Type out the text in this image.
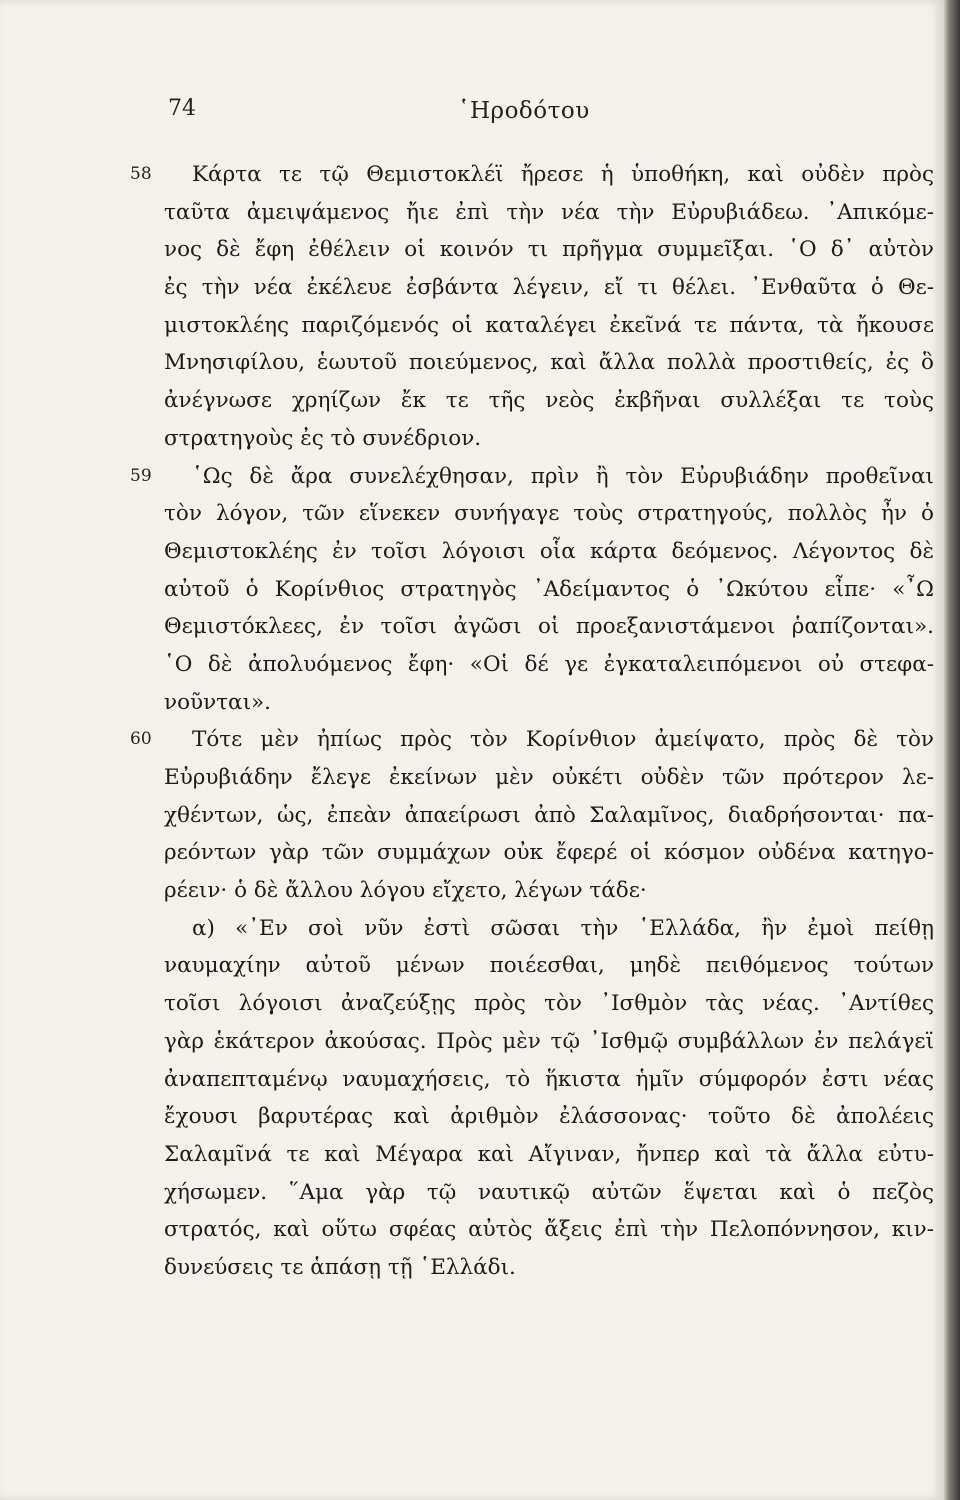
74	῾Ηροδότου
58	Κάρτα τε τῷ Θεμιστοκλέϊ ἤρεσε ἡ ὑποθήκη, καὶ οὐδὲν πρὸς
ταῦτα ἀμειψάμενος ἤιε ἐπὶ τὴν νέα τὴν Εὐρυβιάδεω. ᾿Απικόμε-
νος δὲ ἔφη ἐθέλειν οἱ κοινόν τι πρῆγμα συμμεῖξαι. ῾Ο δ᾿ αὐτὸν
ἐς τὴν νέα ἐκέλευε ἐσβάντα λέγειν, εἴ τι θέλει. ᾿Ενθαῦτα ὁ Θε-
μιστοκλέης παριζόμενός οἱ καταλέγει ἐκεῖνά τε πάντα, τὰ ἤκουσε
Μνησιφίλου, ἑωυτοῦ ποιεύμενος, καὶ ἄλλα πολλὰ προστιθείς, ἐς ὃ
ἀνέγνωσε χρηίζων ἔκ τε τῆς νεὸς ἐκβῆναι συλλέξαι τε τοὺς
στρατηγοὺς ἐς τὸ συνέδριον.
59	῾Ως δὲ ἄρα συνελέχθησαν, πρὶν ἢ τὸν Εὐρυβιάδην προθεῖναι
τὸν λόγον, τῶν εἵνεκεν συνήγαγε τοὺς στρατηγούς, πολλὸς ἦν ὁ
Θεμιστοκλέης ἐν τοῖσι λόγοισι οἷα κάρτα δεόμενος. Λέγοντος δὲ
αὐτοῦ ὁ Κορίνθιος στρατηγὸς ᾿Αδείμαντος ὁ ᾿Ωκύτου εἶπε· «῏Ω
Θεμιστόκλεες, ἐν τοῖσι ἀγῶσι οἱ προεξανιστάμενοι ῥαπίζονται».
῾Ο δὲ ἀπολυόμενος ἔφη· «Οἱ δέ γε ἐγκαταλειπόμενοι οὐ στεφα-
νοῦνται».
60	Τότε μὲν ἠπίως πρὸς τὸν Κορίνθιον ἀμείψατο, πρὸς δὲ τὸν
Εὐρυβιάδην ἔλεγε ἐκείνων μὲν οὐκέτι οὐδὲν τῶν πρότερον λε-
χθέντων, ὡς, ἐπεὰν ἀπαείρωσι ἀπὸ Σαλαμῖνος, διαδρήσονται· πα-
ρεόντων γὰρ τῶν συμμάχων οὐκ ἔφερέ οἱ κόσμον οὐδένα κατηγο-
ρέειν· ὁ δὲ ἄλλου λόγου εἴχετο, λέγων τάδε·
α) «᾿Εν σοὶ νῦν ἐστὶ σῶσαι τὴν ῾Ελλάδα, ἢν ἐμοὶ πείθῃ
ναυμαχίην αὐτοῦ μένων ποιέεσθαι, μηδὲ πειθόμενος τούτων
τοῖσι λόγοισι ἀναζεύξῃς πρὸς τὸν ᾿Ισθμὸν τὰς νέας. ᾿Αντίθες
γὰρ ἑκάτερον ἀκούσας. Πρὸς μὲν τῷ ᾿Ισθμῷ συμβάλλων ἐν πελάγεϊ
ἀναπεπταμένῳ ναυμαχήσεις, τὸ ἥκιστα ἡμῖν σύμφορόν ἐστι νέας
ἔχουσι βαρυτέρας καὶ ἀριθμὸν ἐλάσσονας· τοῦτο δὲ ἀπολέεις
Σαλαμῖνά τε καὶ Μέγαρα καὶ Αἴγιναν, ἤνπερ καὶ τὰ ἄλλα εὐτυ-
χήσωμεν. ῞Αμα γὰρ τῷ ναυτικῷ αὐτῶν ἕψεται καὶ ὁ πεζὸς
στρατός, καὶ οὕτω σφέας αὐτὸς ἄξεις ἐπὶ τὴν Πελοπόννησον, κιν-
δυνεύσεις τε ἁπάσῃ τῇ ῾Ελλάδι.
